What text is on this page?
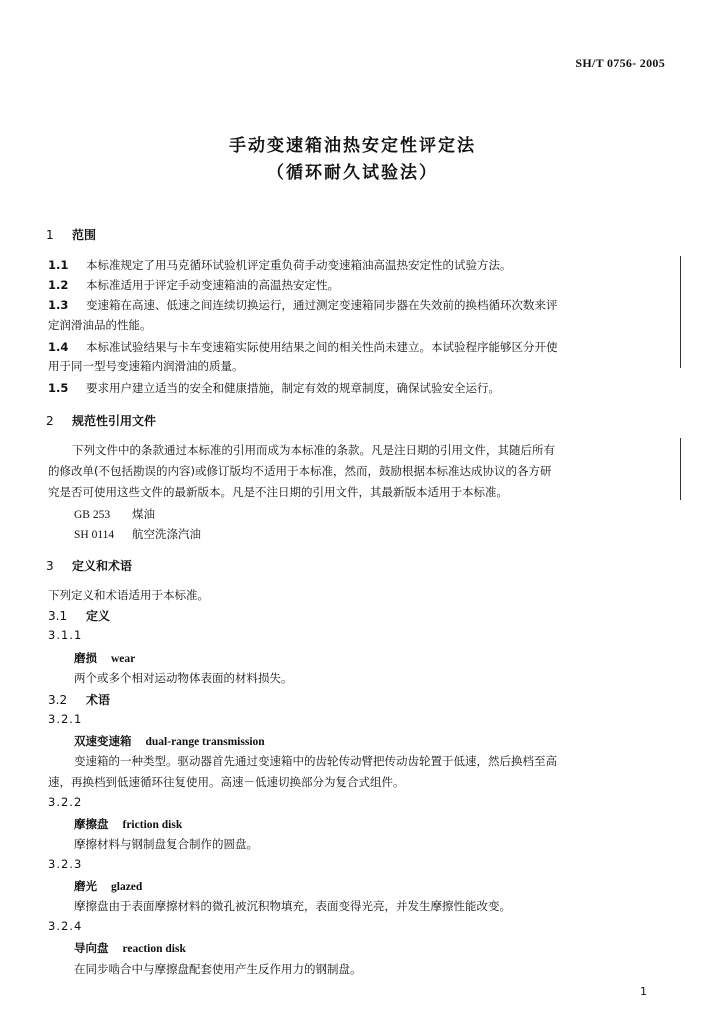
SH/T 0756- 2005
手动变速箱油热安定性评定法
（循环耐久试验法）
1 范围
1.1 本标准规定了用马克循环试验机评定重负荷手动变速箱油高温热安定性的试验方法。
1.2 本标准适用于评定手动变速箱油的高温热安定性。
1.3 变速箱在高速、低速之间连续切换运行，通过测定变速箱同步器在失效前的换档循环次数来评
定润滑油品的性能。
1.4 本标准试验结果与卡车变速箱实际使用结果之间的相关性尚未建立。本试验程序能够区分开使
用于同一型号变速箱内润滑油的质量。
1.5 要求用户建立适当的安全和健康措施，制定有效的规章制度，确保试验安全运行。
2 规范性引用文件
下列文件中的条款通过本标准的引用而成为本标准的条款。凡是注日期的引用文件，其随后所有
的修改单(不包括勘误的内容)或修订版均不适用于本标准，然而，鼓励根据本标准达成协议的各方研
究是否可使用这些文件的最新版本。凡是不注日期的引用文件，其最新版本适用于本标准。
GB 253 煤油
SH 0114 航空洗涤汽油
3 定义和术语
下列定义和术语适用于本标准。
3.1 定义
3.1.1
磨损 wear
两个或多个相对运动物体表面的材料损失。
3.2 术语
3.2.1
双速变速箱 dual-range transmission
变速箱的一种类型。驱动器首先通过变速箱中的齿轮传动臂把传动齿轮置于低速，然后换档至高
速，再换档到低速循环往复使用。高速－低速切换部分为复合式组件。
3.2.2
摩擦盘 friction disk
摩擦材料与钢制盘复合制作的圆盘。
3.2.3
磨光 glazed
摩擦盘由于表面摩擦材料的微孔被沉积物填充，表面变得光亮，并发生摩擦性能改变。
3.2.4
导向盘 reaction disk
在同步啮合中与摩擦盘配套使用产生反作用力的钢制盘。
1
